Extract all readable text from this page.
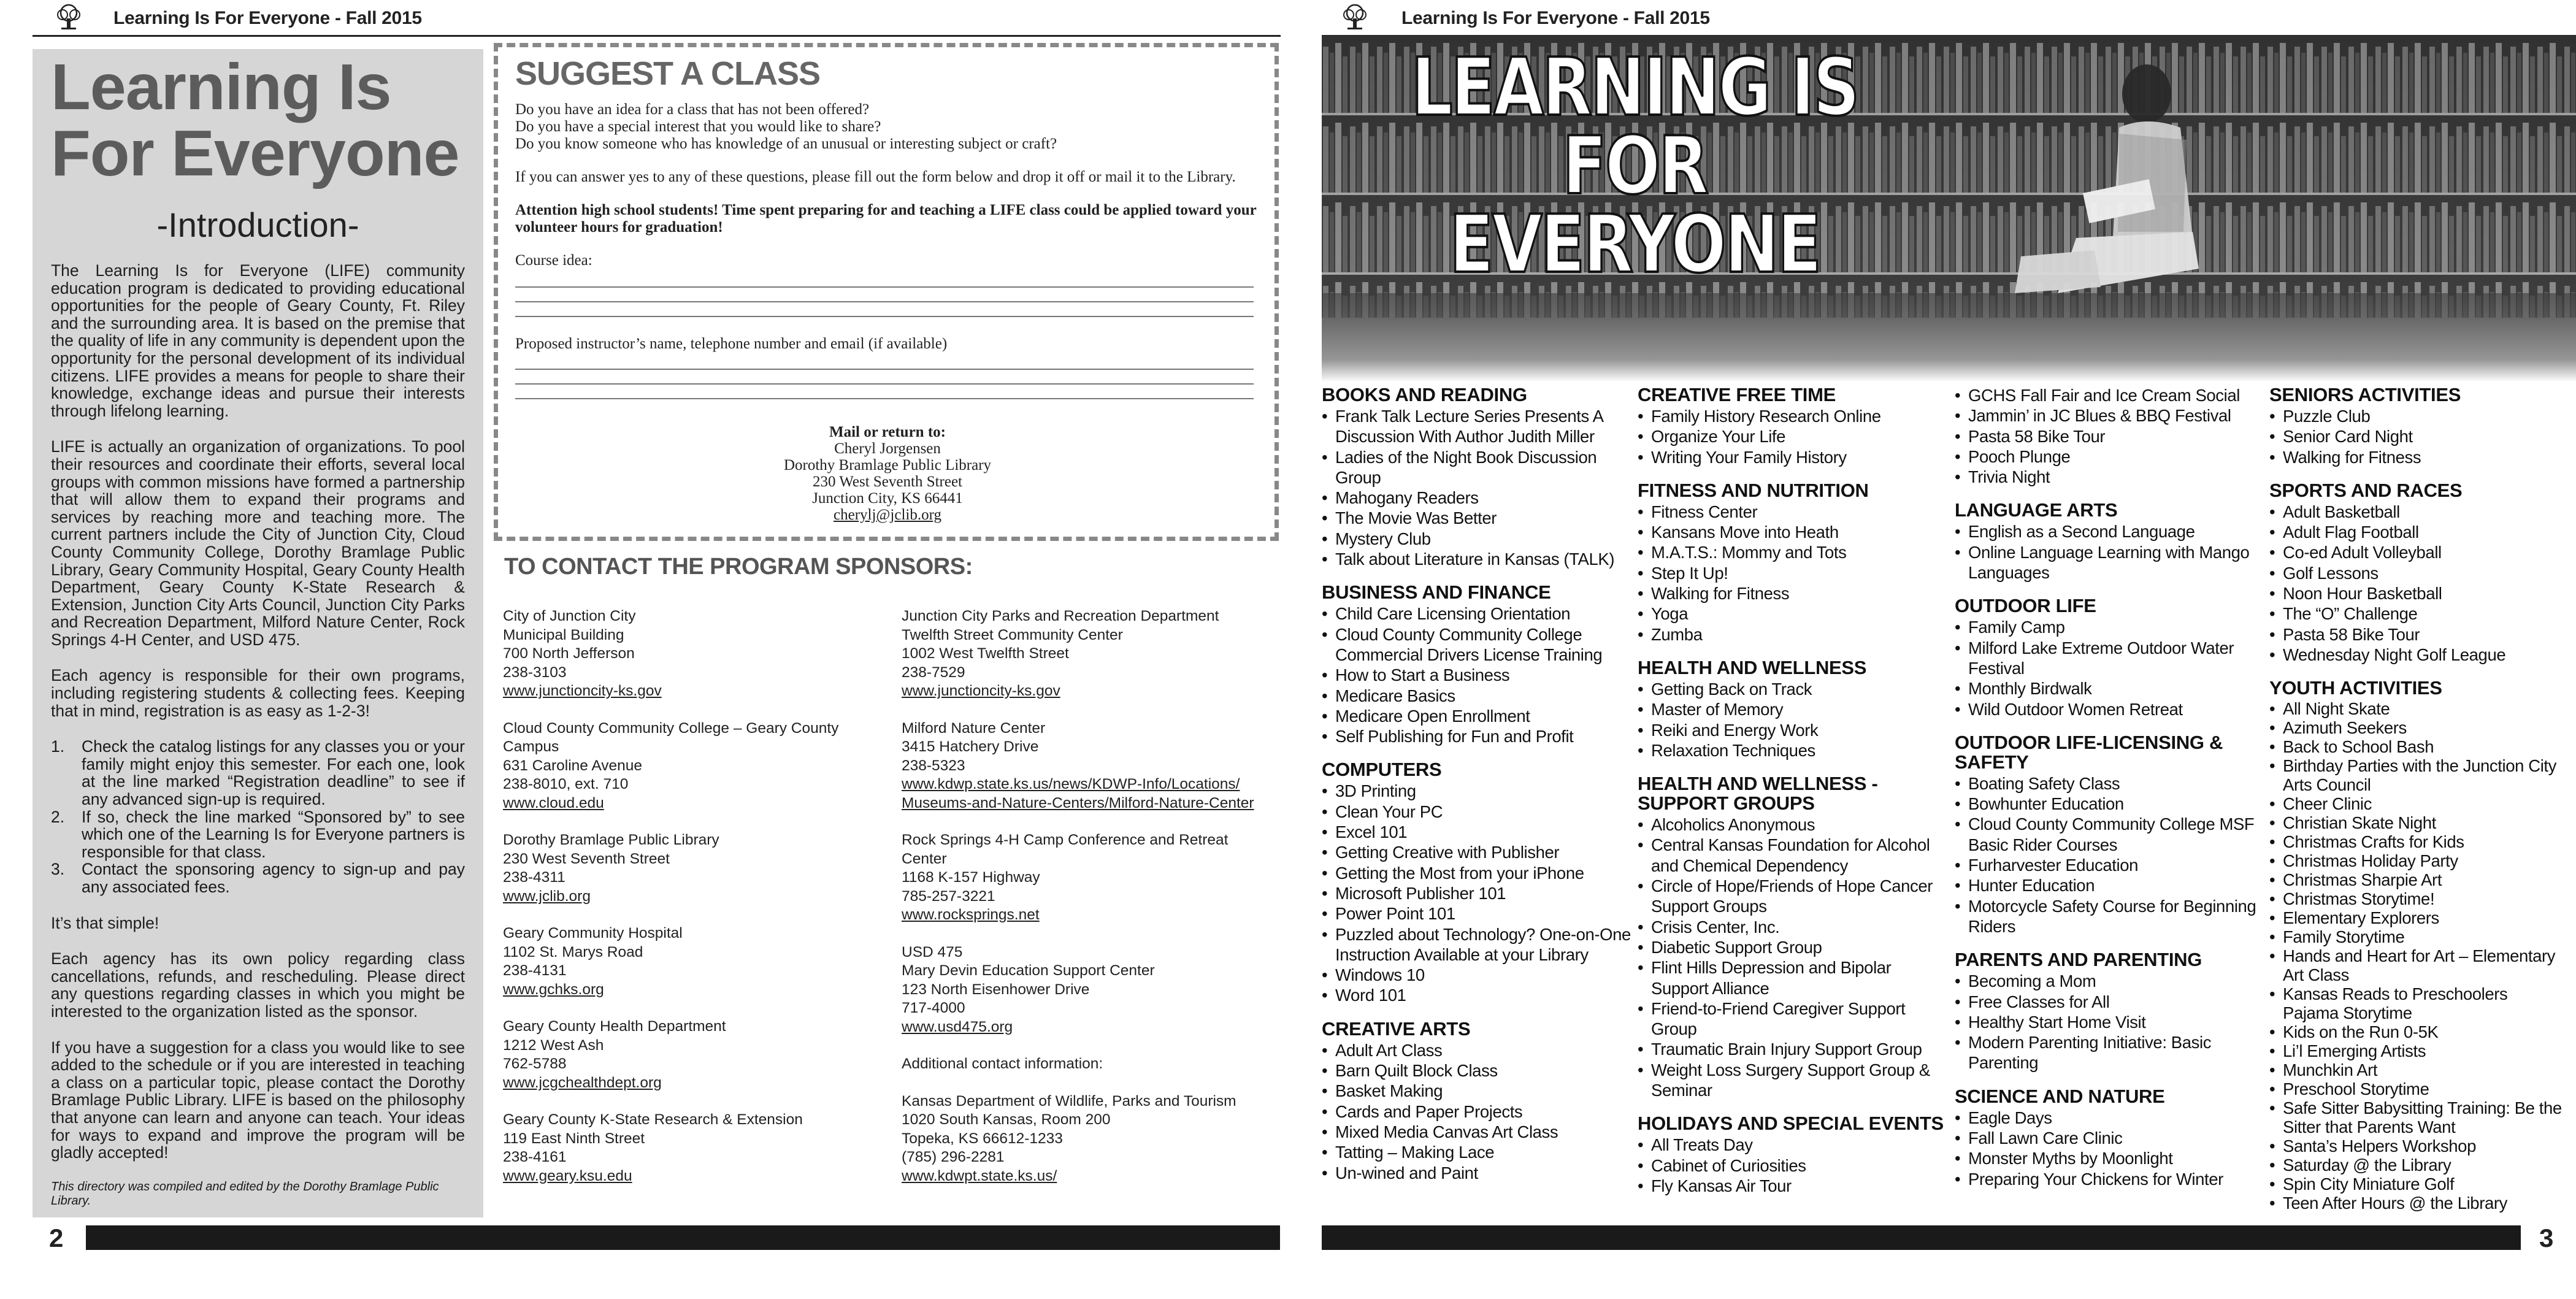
Learning Is For Everyone - Fall 2015
Learning Is
For Everyone
-Introduction-

The Learning Is for Everyone (LIFE) community education program is dedicated to providing educational opportunities for the people of Geary County, Ft. Riley and the surrounding area. It is based on the premise that the quality of life in any community is dependent upon the opportunity for the personal development of its individual citizens. LIFE provides a means for people to share their knowledge, exchange ideas and pursue their interests through lifelong learning.

LIFE is actually an organization of organizations. To pool their resources and coordinate their efforts, several local groups with common missions have formed a partnership that will allow them to expand their programs and services by reaching more and teaching more. The current partners include the City of Junction City, Cloud County Community College, Dorothy Bramlage Public Library, Geary Community Hospital, Geary County Health Department, Geary County K-State Research & Extension, Junction City Arts Council, Junction City Parks and Recreation Department, Milford Nature Center, Rock Springs 4-H Center, and USD 475.

Each agency is responsible for their own programs, including registering students & collecting fees. Keeping that in mind, registration is as easy as 1-2-3!

1. Check the catalog listings for any classes you or your family might enjoy this semester. For each one, look at the line marked “Registration deadline” to see if any advanced sign-up is required.
2. If so, check the line marked “Sponsored by” to see which one of the Learning Is for Everyone partners is responsible for that class.
3. Contact the sponsoring agency to sign-up and pay any associated fees.

It’s that simple!

Each agency has its own policy regarding class cancellations, refunds, and rescheduling. Please direct any questions regarding classes in which you might be interested to the organization listed as the sponsor.

If you have a suggestion for a class you would like to see added to the schedule or if you are interested in teaching a class on a particular topic, please contact the Dorothy Bramlage Public Library. LIFE is based on the philosophy that anyone can learn and anyone can teach. Your ideas for ways to expand and improve the program will be gladly accepted!

This directory was compiled and edited by the Dorothy Bramlage Public Library.
SUGGEST A CLASS
Do you have an idea for a class that has not been offered?
Do you have a special interest that you would like to share?
Do you know someone who has knowledge of an unusual or interesting subject or craft?

If you can answer yes to any of these questions, please fill out the form below and drop it off or mail it to the Library.

Attention high school students! Time spent preparing for and teaching a LIFE class could be applied toward your volunteer hours for graduation!

Course idea:
Proposed instructor’s name, telephone number and email (if available)
Mail or return to:
Cheryl Jorgensen
Dorothy Bramlage Public Library
230 West Seventh Street
Junction City, KS 66441
cherylj@jclib.org
TO CONTACT THE PROGRAM SPONSORS:
City of Junction City
Municipal Building
700 North Jefferson
238-3103
www.junctioncity-ks.gov
Cloud County Community College – Geary County
Campus
631 Caroline Avenue
238-8010, ext. 710
www.cloud.edu
Dorothy Bramlage Public Library
230 West Seventh Street
238-4311
www.jclib.org
Geary Community Hospital
1102 St. Marys Road
238-4131
www.gchks.org
Geary County Health Department
1212 West Ash
762-5788
www.jcgchealthdept.org
Geary County K-State Research & Extension
119 East Ninth Street
238-4161
www.geary.ksu.edu
Junction City Parks and Recreation Department
Twelfth Street Community Center
1002 West Twelfth Street
238-7529
www.junctioncity-ks.gov
Milford Nature Center
3415 Hatchery Drive
238-5323
www.kdwp.state.ks.us/news/KDWP-Info/Locations/
Museums-and-Nature-Centers/Milford-Nature-Center
Rock Springs 4-H Camp Conference and Retreat
Center
1168 K-157 Highway
785-257-3221
www.rocksprings.net
USD 475
Mary Devin Education Support Center
123 North Eisenhower Drive
717-4000
www.usd475.org
Additional contact information:
Kansas Department of Wildlife, Parks and Tourism
1020 South Kansas, Room 200
Topeka, KS 66612-1233
(785) 296-2281
www.kdwpt.state.ks.us/
2
Learning Is For Everyone - Fall 2015
LEARNING IS
FOR
EVERYONE
BOOKS AND READING
• Frank Talk Lecture Series Presents A Discussion With Author Judith Miller
• Ladies of the Night Book Discussion Group
• Mahogany Readers
• The Movie Was Better
• Mystery Club
• Talk about Literature in Kansas (TALK)
BUSINESS AND FINANCE
• Child Care Licensing Orientation
• Cloud County Community College Commercial Drivers License Training
• How to Start a Business
• Medicare Basics
• Medicare Open Enrollment
• Self Publishing for Fun and Profit
COMPUTERS
• 3D Printing
• Clean Your PC
• Excel 101
• Getting Creative with Publisher
• Getting the Most from your iPhone
• Microsoft Publisher 101
• Power Point 101
• Puzzled about Technology? One-on-One Instruction Available at your Library
• Windows 10
• Word 101
CREATIVE ARTS
• Adult Art Class
• Barn Quilt Block Class
• Basket Making
• Cards and Paper Projects
• Mixed Media Canvas Art Class
• Tatting – Making Lace
• Un-wined and Paint
CREATIVE FREE TIME
• Family History Research Online
• Organize Your Life
• Writing Your Family History
FITNESS AND NUTRITION
• Fitness Center
• Kansans Move into Heath
• M.A.T.S.: Mommy and Tots
• Step It Up!
• Walking for Fitness
• Yoga
• Zumba
HEALTH AND WELLNESS
• Getting Back on Track
• Master of Memory
• Reiki and Energy Work
• Relaxation Techniques
HEALTH AND WELLNESS -SUPPORT GROUPS
• Alcoholics Anonymous
• Central Kansas Foundation for Alcohol and Chemical Dependency
• Circle of Hope/Friends of Hope Cancer Support Groups
• Crisis Center, Inc.
• Diabetic Support Group
• Flint Hills Depression and Bipolar Support Alliance
• Friend-to-Friend Caregiver Support Group
• Traumatic Brain Injury Support Group
• Weight Loss Surgery Support Group & Seminar
HOLIDAYS AND SPECIAL EVENTS
• All Treats Day
• Cabinet of Curiosities
• Fly Kansas Air Tour
• GCHS Fall Fair and Ice Cream Social
• Jammin’ in JC Blues & BBQ Festival
• Pasta 58 Bike Tour
• Pooch Plunge
• Trivia Night
LANGUAGE ARTS
• English as a Second Language
• Online Language Learning with Mango Languages
OUTDOOR LIFE
• Family Camp
• Milford Lake Extreme Outdoor Water Festival
• Monthly Birdwalk
• Wild Outdoor Women Retreat
OUTDOOR LIFE-LICENSING & SAFETY
• Boating Safety Class
• Bowhunter Education
• Cloud County Community College MSF Basic Rider Courses
• Furharvester Education
• Hunter Education
• Motorcycle Safety Course for Beginning Riders
PARENTS AND PARENTING
• Becoming a Mom
• Free Classes for All
• Healthy Start Home Visit
• Modern Parenting Initiative: Basic Parenting
SCIENCE AND NATURE
• Eagle Days
• Fall Lawn Care Clinic
• Monster Myths by Moonlight
• Preparing Your Chickens for Winter
SENIORS ACTIVITIES
• Puzzle Club
• Senior Card Night
• Walking for Fitness
SPORTS AND RACES
• Adult Basketball
• Adult Flag Football
• Co-ed Adult Volleyball
• Golf Lessons
• Noon Hour Basketball
• The “O” Challenge
• Pasta 58 Bike Tour
• Wednesday Night Golf League
YOUTH ACTIVITIES
• All Night Skate
• Azimuth Seekers
• Back to School Bash
• Birthday Parties with the Junction City Arts Council
• Cheer Clinic
• Christian Skate Night
• Christmas Crafts for Kids
• Christmas Holiday Party
• Christmas Sharpie Art
• Christmas Storytime!
• Elementary Explorers
• Family Storytime
• Hands and Heart for Art – Elementary Art Class
• Kansas Reads to Preschoolers Pajama Storytime
• Kids on the Run 0-5K
• Li’l Emerging Artists
• Munchkin Art
• Preschool Storytime
• Safe Sitter Babysitting Training: Be the Sitter that Parents Want
• Santa’s Helpers Workshop
• Saturday @ the Library
• Spin City Miniature Golf
• Teen After Hours @ the Library
3
